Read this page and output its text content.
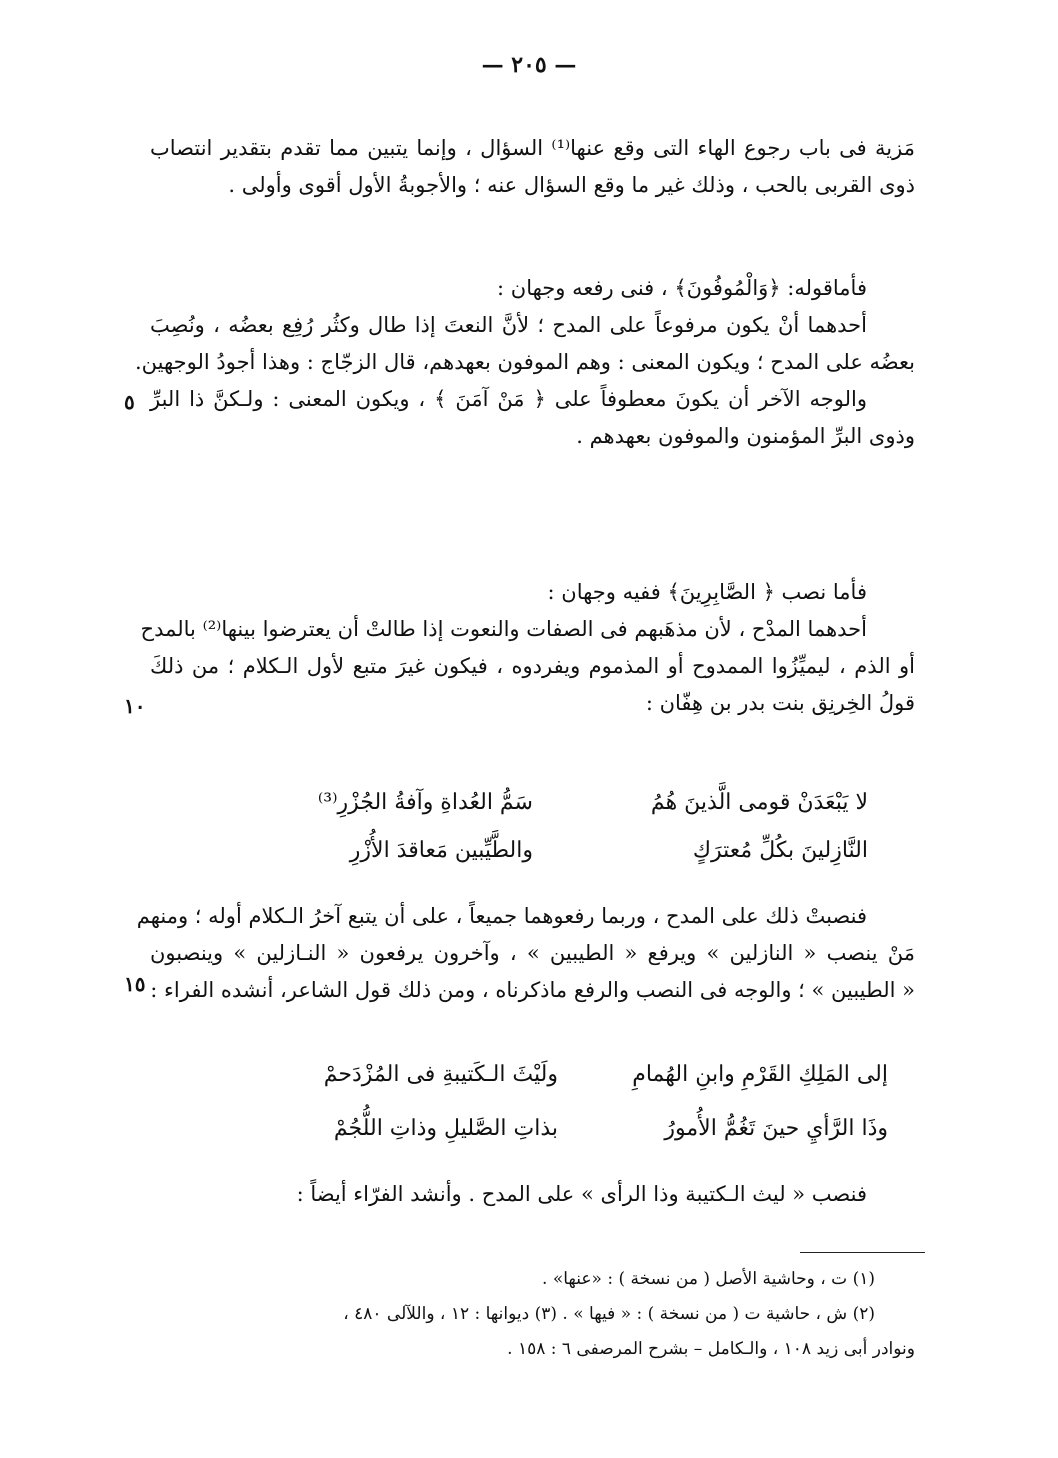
— ٢٠٥ —
مَزية فى باب رجوع الهاء التى وقع عنها⁽¹⁾ السؤال ، وإنما يتبين مما تقدم بتقدير انتصاب
ذوى القربى بالحب ، وذلك غير ما وقع السؤال عنه ؛ والأجوبةُ الأول أقوى وأولى .
فأماقوله: ﴿وَالْمُوفُونَ﴾ ، فنى رفعه وجهان :
أحدهما أنْ يكون مرفوعاً على المدح ؛ لأنَّ النعتَ إذا طال وكثُر رُفِع بعضُه ، ونُصِبَ
بعضُه على المدح ؛ ويكون المعنى : وهم الموفون بعهدهم، قال الزجّاج : وهذا أجودُ الوجهين.
والوجه الآخر أن يكونَ معطوفاً على ﴿ مَنْ آمَنَ ﴾ ، ويكون المعنى : ولـكنَّ ذا البرِّ
وذوى البرِّ المؤمنون والموفون بعهدهم .
فأما نصب ﴿ الصَّابِرِينَ﴾ ففيه وجهان :
أحدهما المدْح ، لأن مذهَبهم فى الصفات والنعوت إذا طالتْ أن يعترضوا بينها⁽²⁾ بالمدح
أو الذم ، ليميِّزُوا الممدوح أو المذموم ويفردوه ، فيكون غيرَ متبع لأول الـكلام ؛ من ذلكَ
قولُ الخِرنِق بنت بدر بن هِفّان :
لا يَبْعَدَنْ قومى الَّذينَ هُمُ
سَمُّ العُداةِ وآفةُ الجُزْرِ⁽³⁾
النَّازِلينَ بكُلِّ مُعترَكٍ
والطَّيِّبين مَعاقدَ الأُزْرِ
فنصبتْ ذلك على المدح ، وربما رفعوهما جميعاً ، على أن يتبع آخرُ الـكلام أوله ؛ ومنهم
مَنْ ينصب « النازلين » ويرفع « الطيبين » ، وآخرون يرفعون « النـازلين » وينصبون
« الطيبين » ؛ والوجه فى النصب والرفع ماذكرناه ، ومن ذلك قول الشاعر، أنشده الفراء :
إلى المَلِكِ القَرْمِ وابنِ الهُمامِ
ولَيْثَ الـكَتيبةِ فى المُزْدَحمْ
وذَا الرَّأيِ حينَ تَغُمُّ الأُمورُ
بذاتِ الصَّليلِ وذاتِ اللُّجُمْ
فنصب « ليث الـكتيبة وذا الرأى » على المدح . وأنشد الفرّاء أيضاً :
٥
١٠
١٥
(١) ت ، وحاشية الأصل ( من نسخة ) : «عنها» .
(٢) ش ، حاشية ت ( من نسخة ) : « فيها » . (٣) ديوانها : ١٢ ، واللآلى ٤٨٠ ،
ونوادر أبى زيد ١٠٨ ، والـكامل – بشرح المرصفى ٦ : ١٥٨ .
